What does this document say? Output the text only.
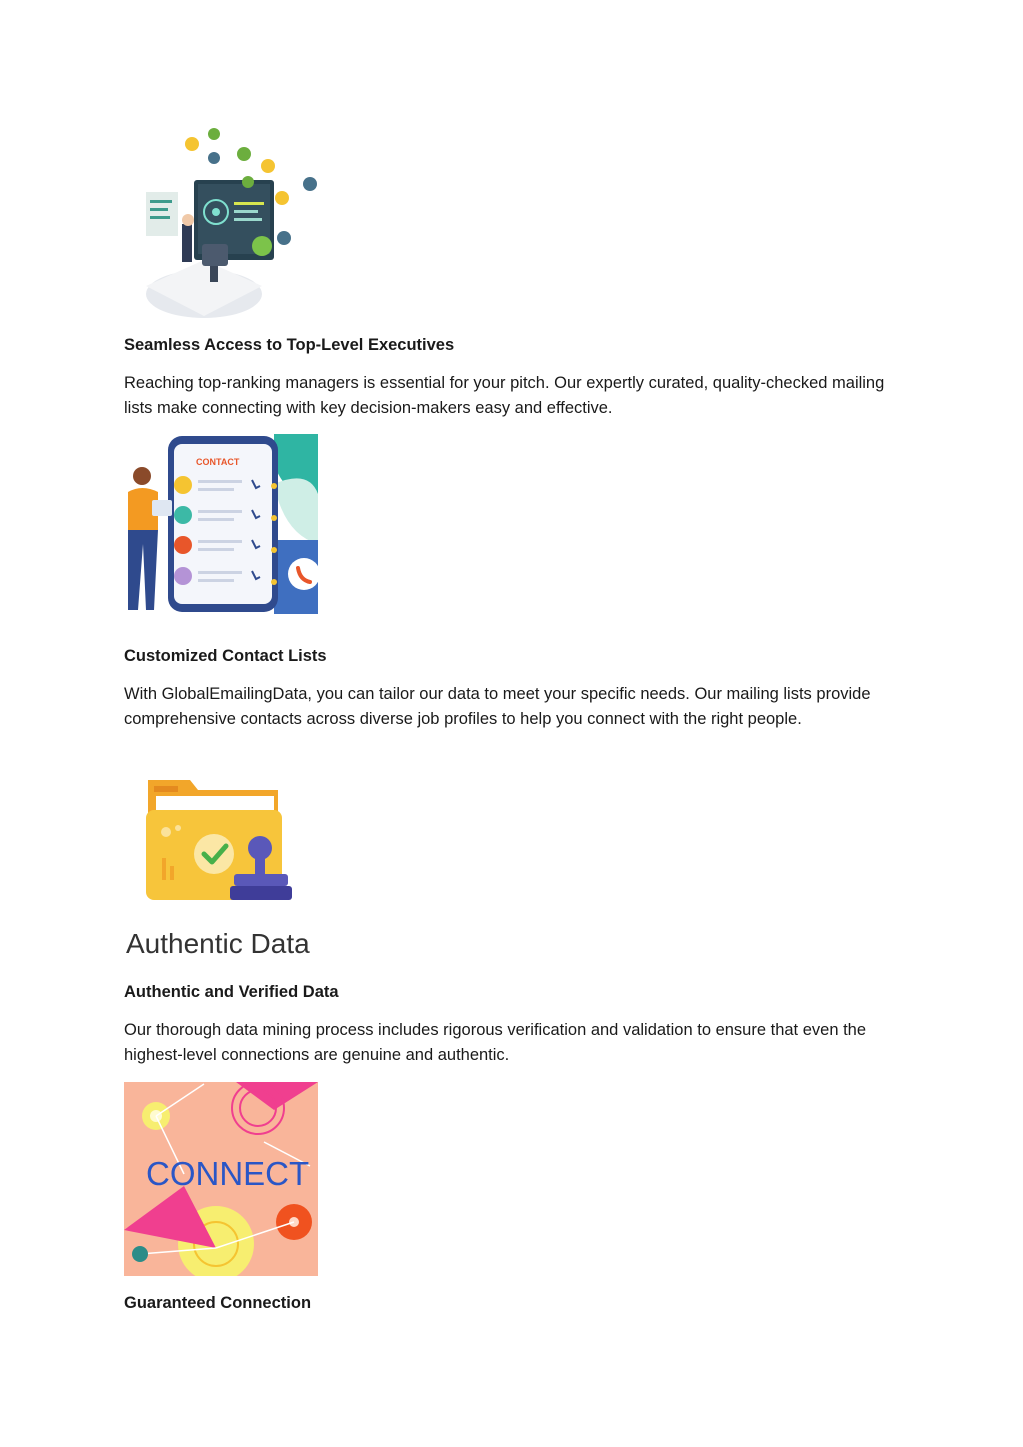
Seamless Access to Top-Level Executives

Reaching top-ranking managers is essential for your pitch. Our expertly curated, quality-checked mailing lists make connecting with key decision-makers easy and effective.

CONTACT

Customized Contact Lists

With GlobalEmailingData, you can tailor our data to meet your specific needs. Our mailing lists provide comprehensive contacts across diverse job profiles to help you connect with the right people.

Authentic Data

Authentic and Verified Data

Our thorough data mining process includes rigorous verification and validation to ensure that even the highest-level connections are genuine and authentic.

CONNECT

Guaranteed Connection
